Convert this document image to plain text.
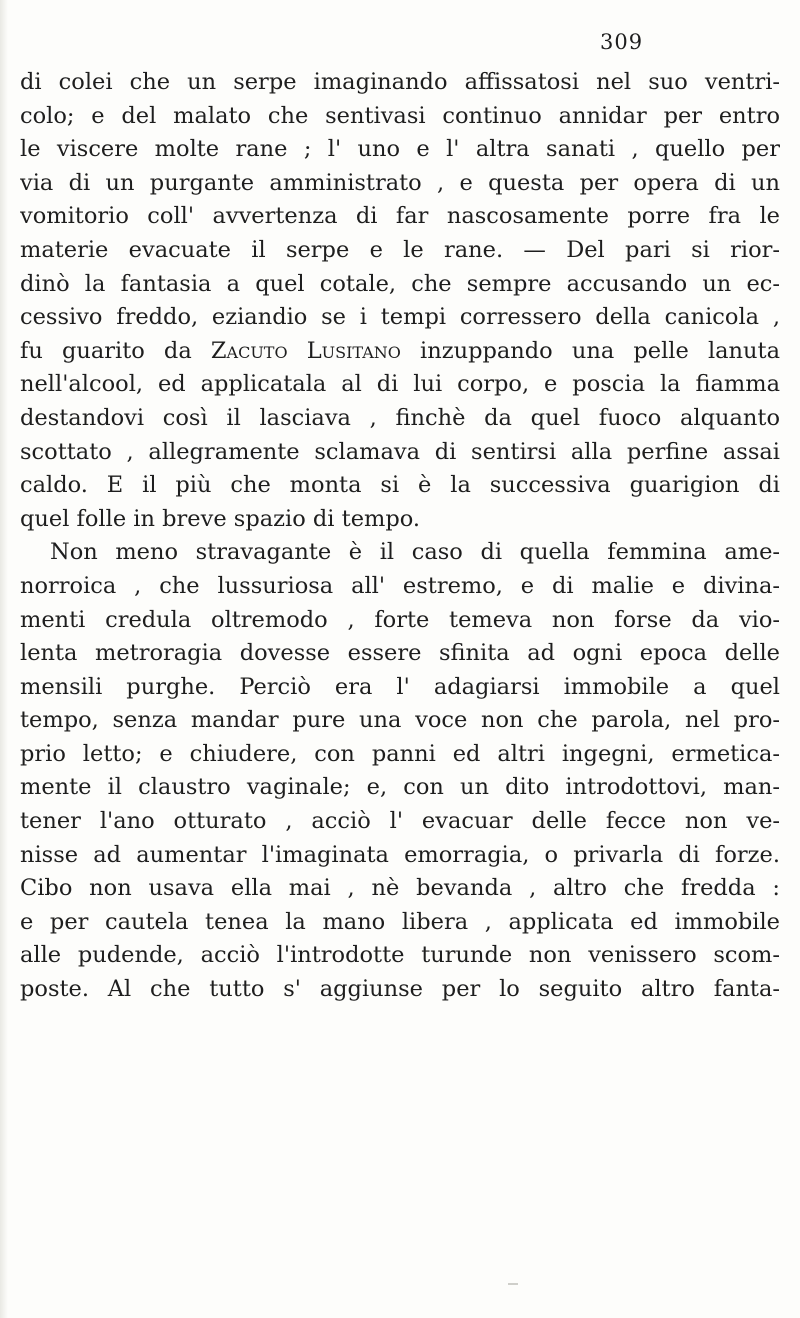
309
di colei che un serpe imaginando affissatosi nel suo ventri-
colo; e del malato che sentivasi continuo annidar per entro
le viscere molte rane ; l' uno e l' altra sanati , quello per
via di un purgante amministrato , e questa per opera di un
vomitorio coll' avvertenza di far nascosamente porre fra le
materie evacuate il serpe e le rane. — Del pari si rior-
dinò la fantasia a quel cotale, che sempre accusando un ec-
cessivo freddo, eziandio se i tempi corressero della canicola ,
fu guarito da Zacuto Lusitano inzuppando una pelle lanuta
nell'alcool, ed applicatala al di lui corpo, e poscia la fiamma
destandovi così il lasciava , finchè da quel fuoco alquanto
scottato , allegramente sclamava di sentirsi alla perfine assai
caldo. E il più che monta si è la successiva guarigion di
quel folle in breve spazio di tempo.
Non meno stravagante è il caso di quella femmina ame-
norroica , che lussuriosa all' estremo, e di malie e divina-
menti credula oltremodo , forte temeva non forse da vio-
lenta metroragia dovesse essere sfinita ad ogni epoca delle
mensili purghe. Perciò era l' adagiarsi immobile a quel
tempo, senza mandar pure una voce non che parola, nel pro-
prio letto; e chiudere, con panni ed altri ingegni, ermetica-
mente il claustro vaginale; e, con un dito introdottovi, man-
tener l'ano otturato , acciò l' evacuar delle fecce non ve-
nisse ad aumentar l'imaginata emorragia, o privarla di forze.
Cibo non usava ella mai , nè bevanda , altro che fredda :
e per cautela tenea la mano libera , applicata ed immobile
alle pudende, acciò l'introdotte turunde non venissero scom-
poste. Al che tutto s' aggiunse per lo seguito altro fanta-
